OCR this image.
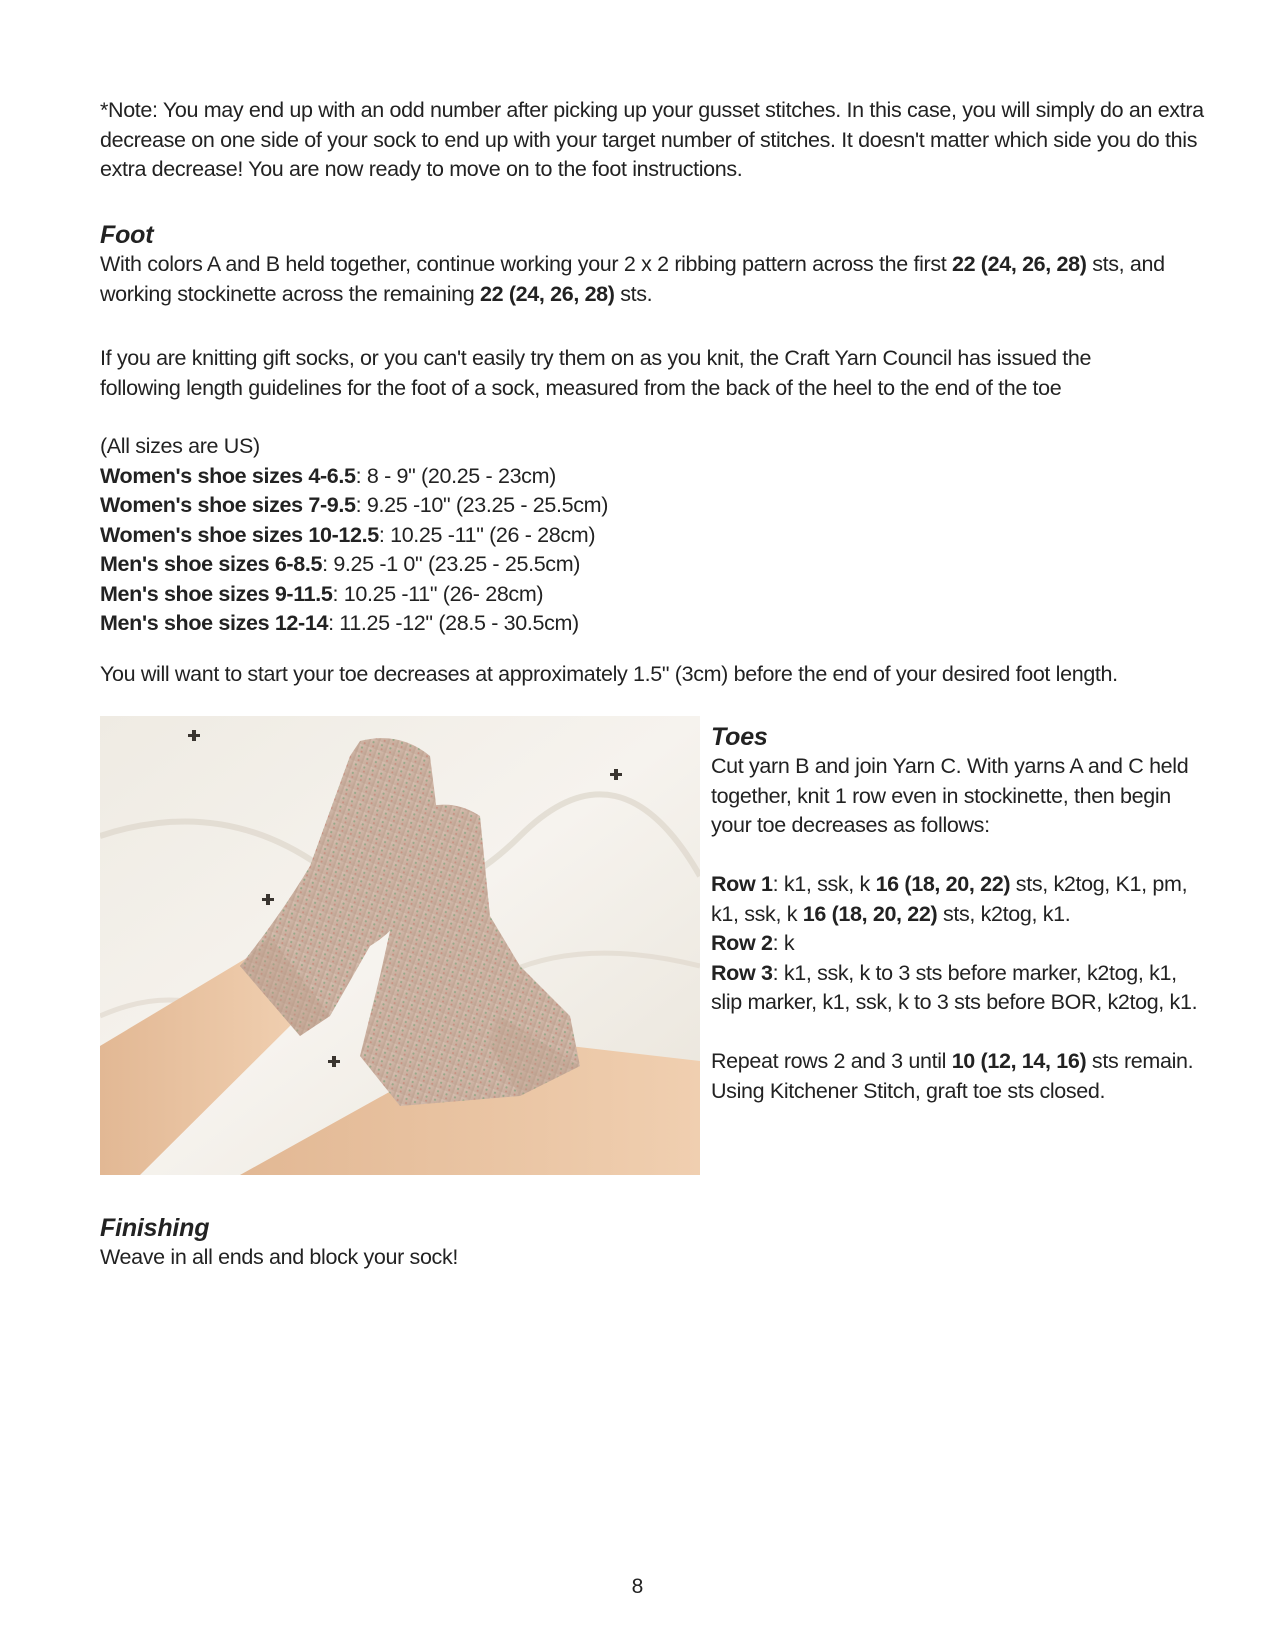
*Note: You may end up with an odd number after picking up your gusset stitches. In this case, you will simply do an extra decrease on one side of your sock to end up with your target number of stitches. It doesn't matter which side you do this extra decrease! You are now ready to move on to the foot instructions.

Foot

With colors A and B held together, continue working your 2 x 2 ribbing pattern across the first 22 (24, 26, 28) sts, and working stockinette across the remaining 22 (24, 26, 28) sts.

If you are knitting gift socks, or you can't easily try them on as you knit, the Craft Yarn Council has issued the

following length guidelines for the foot of a sock, measured from the back of the heel to the end of the toe

(All sizes are US)

Women's shoe sizes 4-6.5: 8 - 9" (20.25 - 23cm)

Women's shoe sizes 7-9.5: 9.25 -10" (23.25 - 25.5cm)

Women's shoe sizes 10-12.5: 10.25 -11" (26 - 28cm)

Men's shoe sizes 6-8.5: 9.25 -1 0" (23.25 - 25.5cm)

Men's shoe sizes 9-11.5: 10.25 -11" (26- 28cm)

Men's shoe sizes 12-14: 11.25 -12" (28.5 - 30.5cm)

You will want to start your toe decreases at approximately 1.5" (3cm) before the end of your desired foot length.

Toes

Cut yarn B and join Yarn C. With yarns A and C held together, knit 1 row even in stockinette, then begin your toe decreases as follows:

Row 1: k1, ssk, k 16 (18, 20, 22) sts, k2tog, K1, pm, k1, ssk, k 16 (18, 20, 22) sts, k2tog, k1.

Row 2: k

Row 3: k1, ssk, k to 3 sts before marker, k2tog, k1, slip marker, k1, ssk, k to 3 sts before BOR, k2tog, k1.

Repeat rows 2 and 3 until 10 (12, 14, 16) sts remain. Using Kitchener Stitch, graft toe sts closed.

Finishing

Weave in all ends and block your sock!

8
